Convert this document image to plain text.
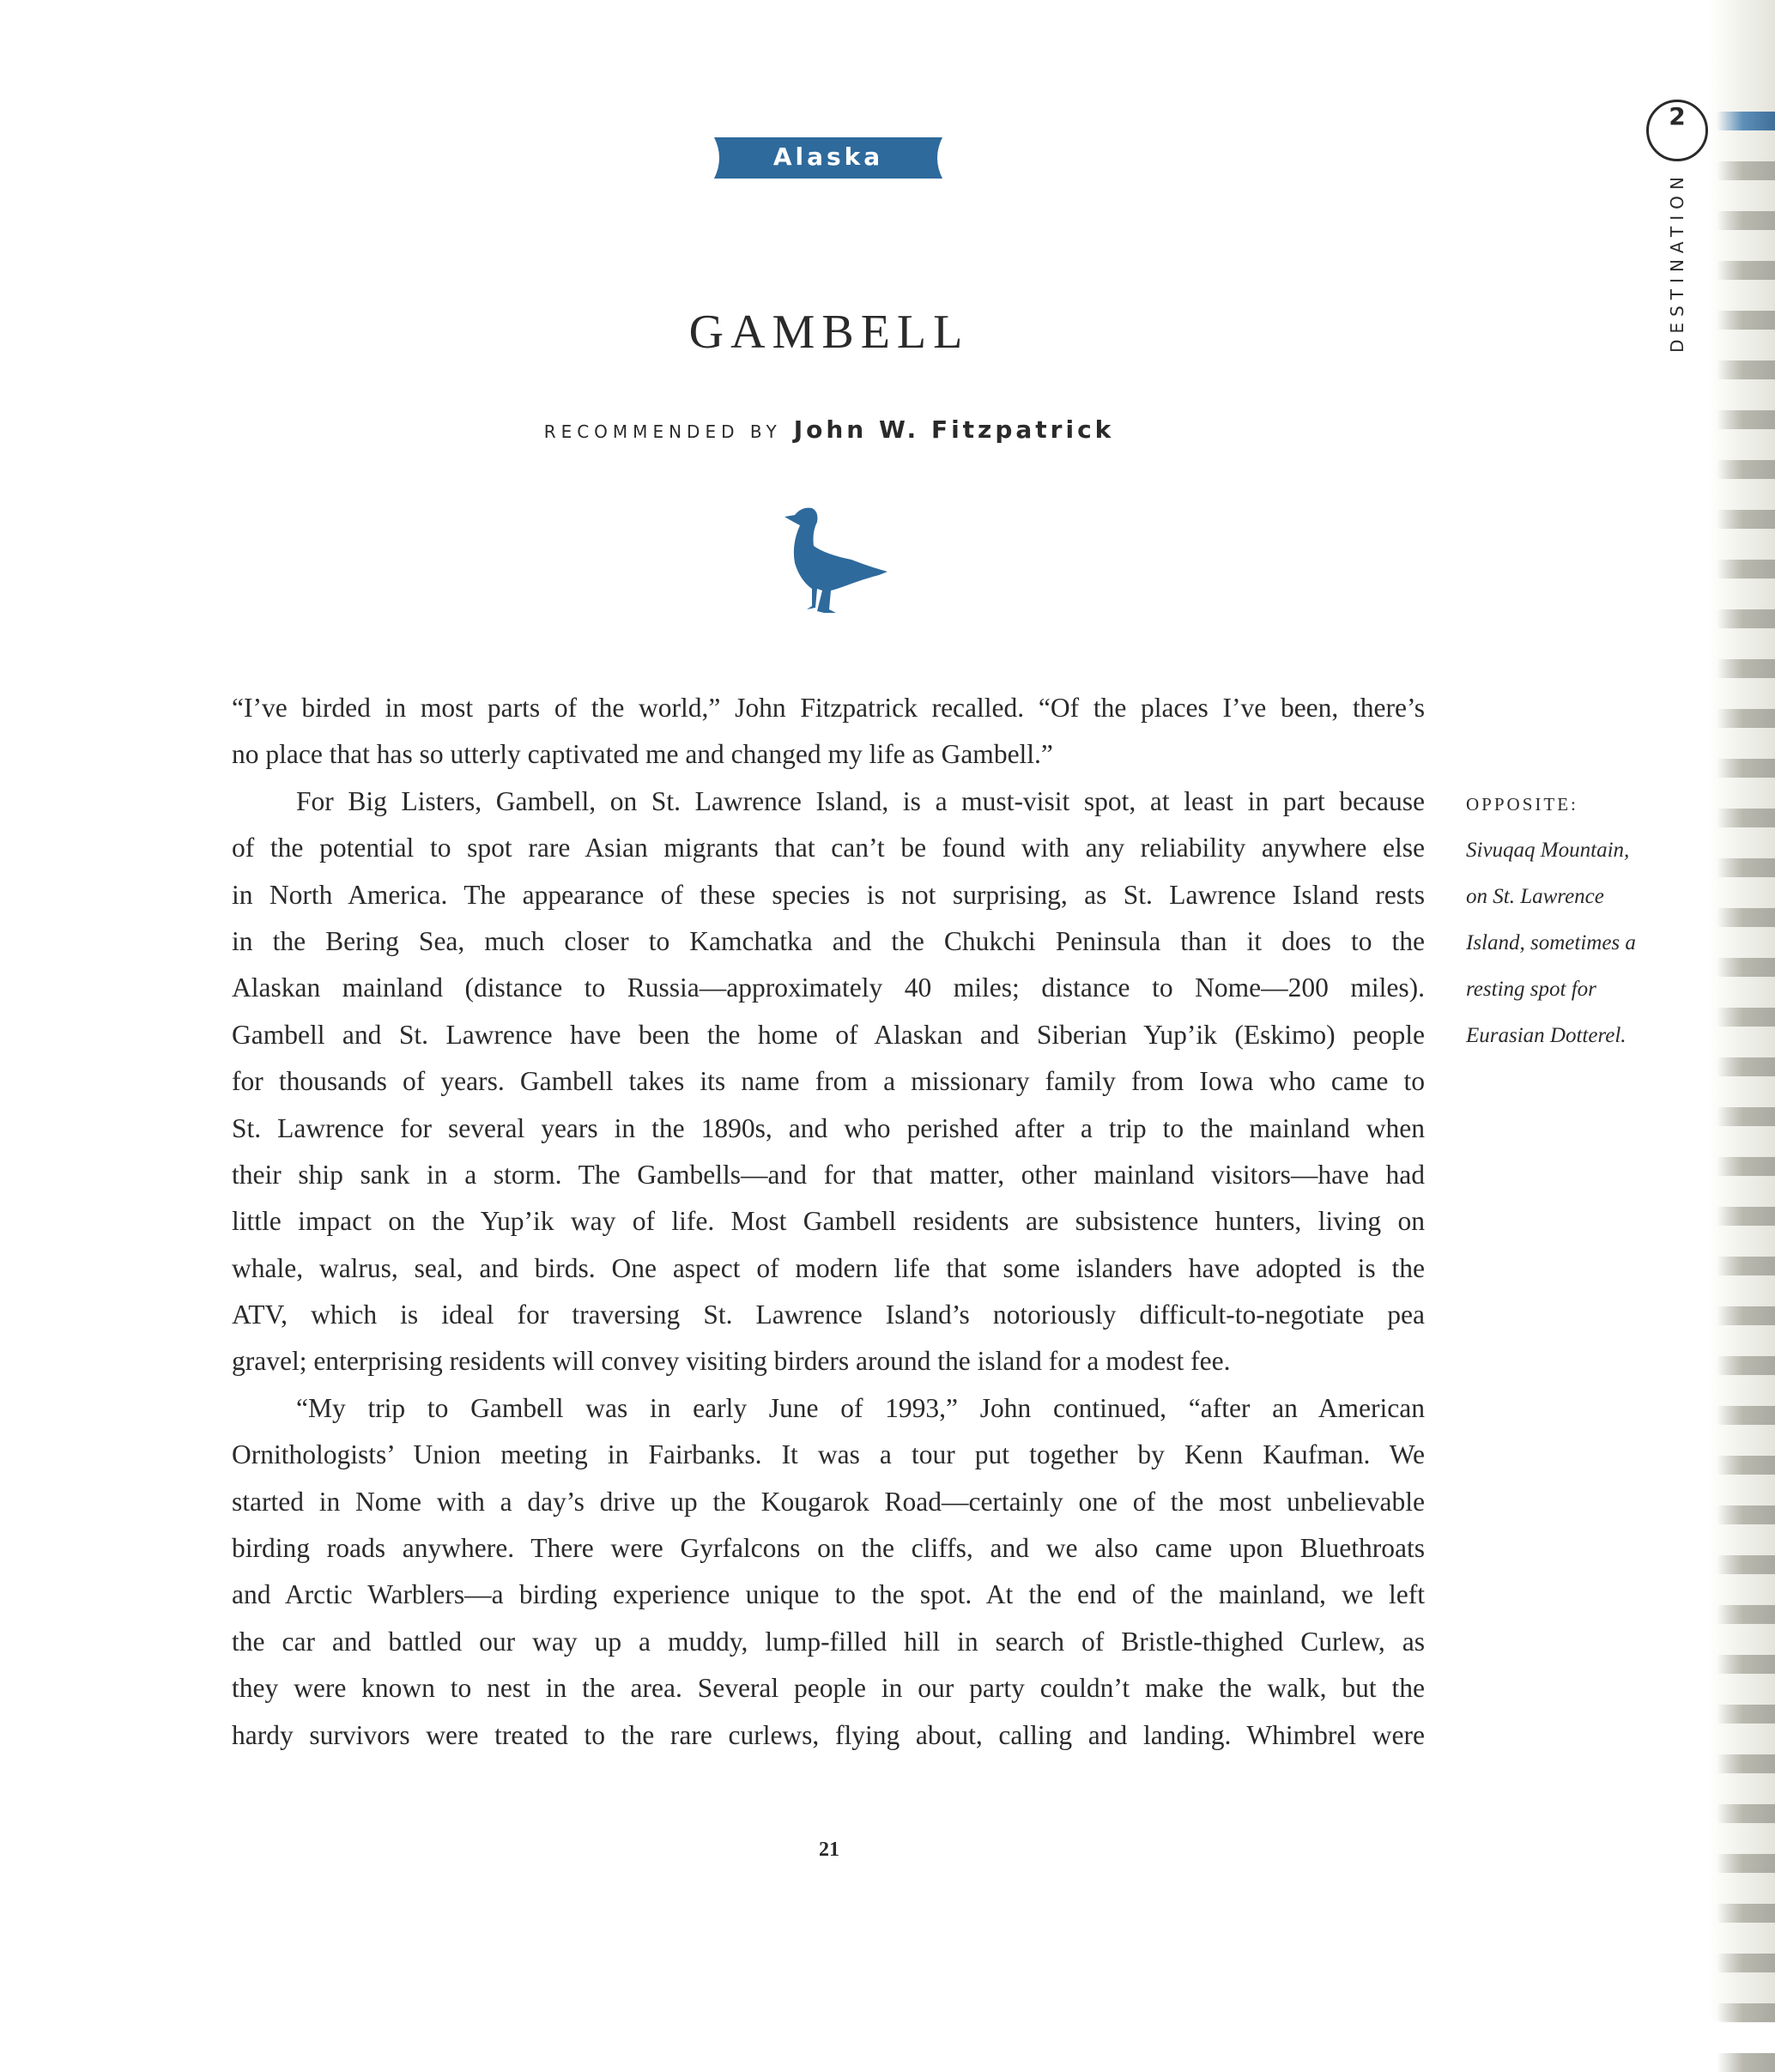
Alaska
GAMBELL
RECOMMENDED BY John W. Fitzpatrick
2
DESTINATION
“I’ve birded in most parts of the world,” John Fitzpatrick recalled. “Of the places I’ve been, there’s
no place that has so utterly captivated me and changed my life as Gambell.”
For Big Listers, Gambell, on St. Lawrence Island, is a must-visit spot, at least in part because
of the potential to spot rare Asian migrants that can’t be found with any reliability anywhere else
in North America. The appearance of these species is not surprising, as St. Lawrence Island rests
in the Bering Sea, much closer to Kamchatka and the Chukchi Peninsula than it does to the
Alaskan mainland (distance to Russia—approximately 40 miles; distance to Nome—200 miles).
Gambell and St. Lawrence have been the home of Alaskan and Siberian Yup’ik (Eskimo) people
for thousands of years. Gambell takes its name from a missionary family from Iowa who came to
St. Lawrence for several years in the 1890s, and who perished after a trip to the mainland when
their ship sank in a storm. The Gambells—and for that matter, other mainland visitors—have had
little impact on the Yup’ik way of life. Most Gambell residents are subsistence hunters, living on
whale, walrus, seal, and birds. One aspect of modern life that some islanders have adopted is the
ATV, which is ideal for traversing St. Lawrence Island’s notoriously difficult-to-negotiate pea
gravel; enterprising residents will convey visiting birders around the island for a modest fee.
“My trip to Gambell was in early June of 1993,” John continued, “after an American
Ornithologists’ Union meeting in Fairbanks. It was a tour put together by Kenn Kaufman. We
started in Nome with a day’s drive up the Kougarok Road—certainly one of the most unbelievable
birding roads anywhere. There were Gyrfalcons on the cliffs, and we also came upon Bluethroats
and Arctic Warblers—a birding experience unique to the spot. At the end of the mainland, we left
the car and battled our way up a muddy, lump-filled hill in search of Bristle-thighed Curlew, as
they were known to nest in the area. Several people in our party couldn’t make the walk, but the
hardy survivors were treated to the rare curlews, flying about, calling and landing. Whimbrel were
OPPOSITE:
Sivuqaq Mountain,
on St. Lawrence
Island, sometimes a
resting spot for
Eurasian Dotterel.
21
